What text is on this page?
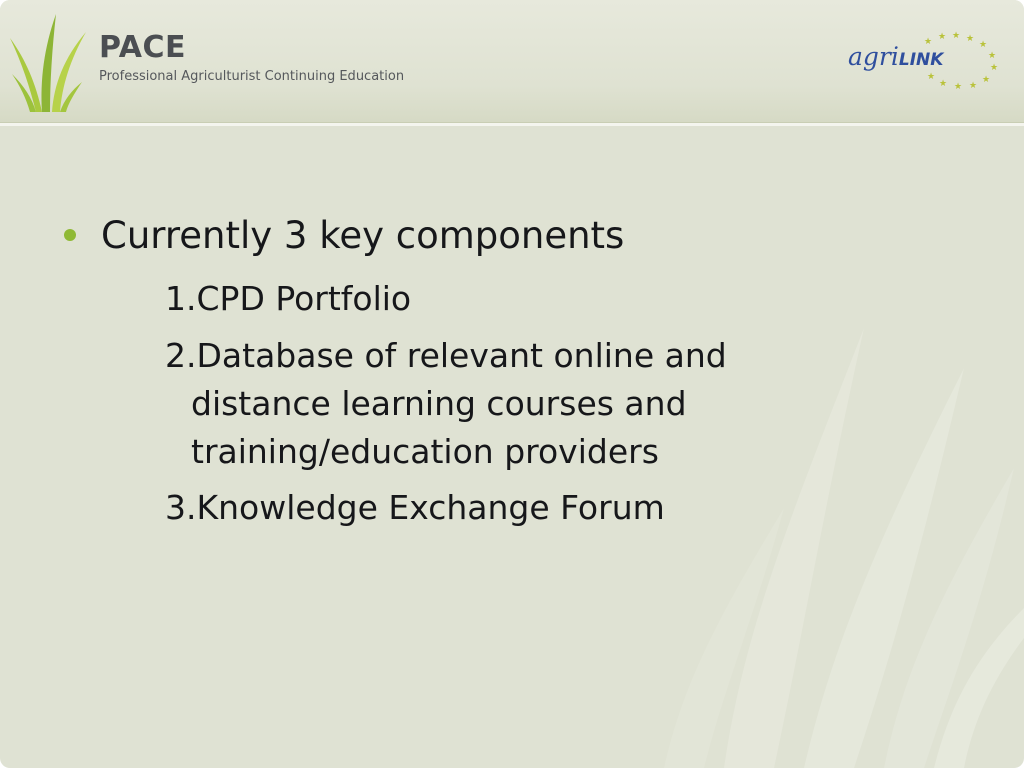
PACE
Professional Agriculturist Continuing Education
★ ★ ★ ★
★
★
★
★
★
★
★
★
agriLINK
Currently 3 key components
1.CPD Portfolio
2.Database of relevant online and
distance learning courses and
training/education providers
3.Knowledge Exchange Forum
